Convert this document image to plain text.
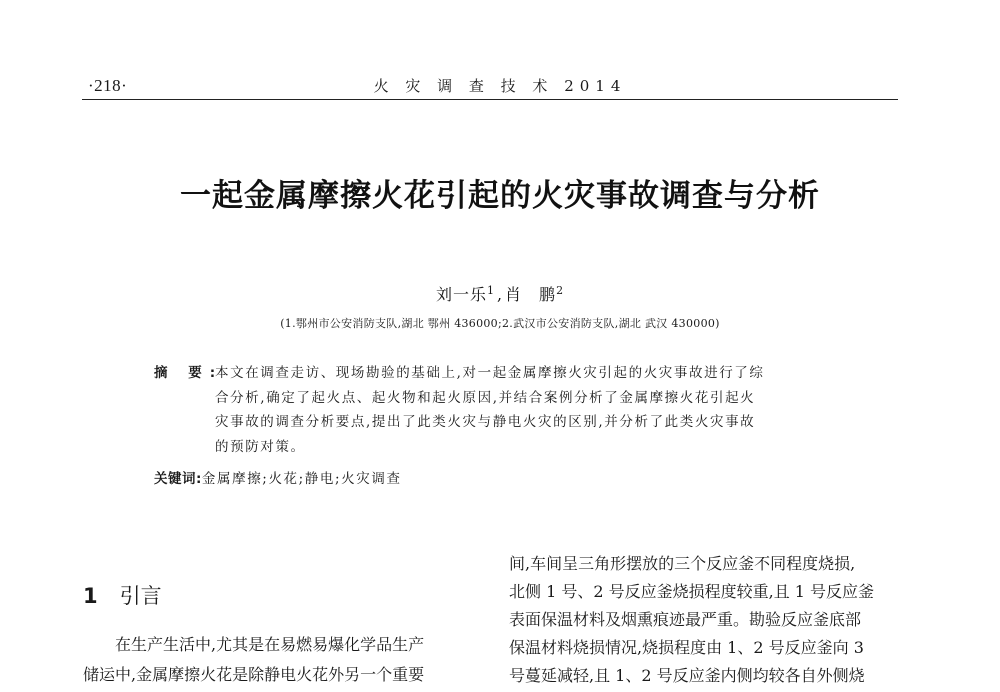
·218·	火 灾 调 查 技 术 2014
一起金属摩擦火花引起的火灾事故调查与分析
刘一乐$^1$ , 肖　鹏$^2$
(1.鄂州市公安消防支队,湖北 鄂州 436000;2.武汉市公安消防支队,湖北 武汉 430000)
摘 要:
本文在调查走访、现场勘验的基础上,对一起金属摩擦火灾引起的火灾事故进行了综
合分析,确定了起火点、起火物和起火原因,并结合案例分析了金属摩擦火花引起火
灾事故的调查分析要点,提出了此类火灾与静电火灾的区别,并分析了此类火灾事故
的预防对策。
关键词:金属摩擦;火花;静电;火灾调查
1 引言

在生产生活中,尤其是在易燃易爆化学品生产

储运中,金属摩擦火花是除静电火花外另一个重要
间,车间呈三角形摆放的三个反应釜不同程度烧损,
北侧 1 号、2 号反应釜烧损程度较重,且 1 号反应釜
表面保温材料及烟熏痕迹最严重。勘验反应釜底部
保温材料烧损情况,烧损程度由 1、2 号反应釜向 3
号蔓延减轻,且 1、2 号反应釜内侧均较各自外侧烧
